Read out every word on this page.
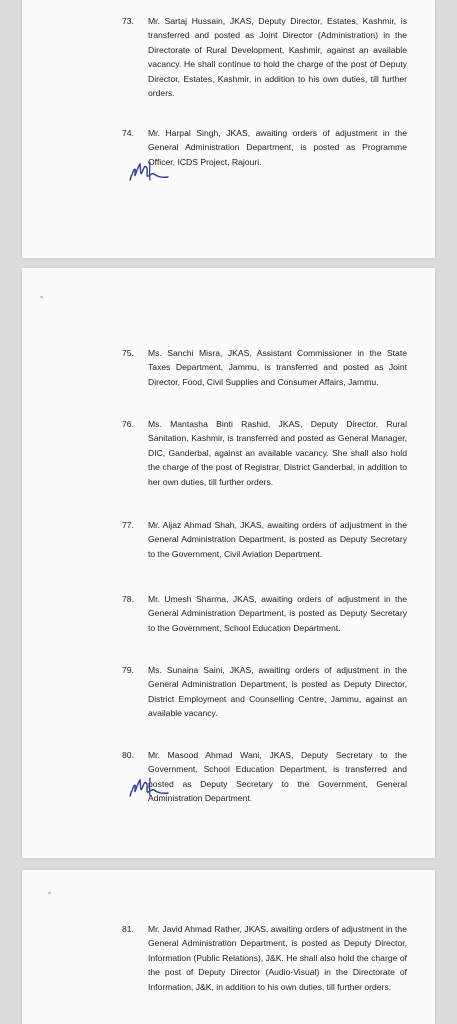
73. Mr. Sartaj Hussain, JKAS, Deputy Director, Estates, Kashmir, is transferred and posted as Joint Director (Administration) in the Directorate of Rural Development, Kashmir, against an available vacancy. He shall continue to hold the charge of the post of Deputy Director, Estates, Kashmir, in addition to his own duties, till further orders.
74. Mr. Harpal Singh, JKAS, awaiting orders of adjustment in the General Administration Department, is posted as Programme Officer, ICDS Project, Rajouri.
75. Ms. Sanchi Misra, JKAS, Assistant Commissioner in the State Taxes Department, Jammu, is transferred and posted as Joint Director, Food, Civil Supplies and Consumer Affairs, Jammu.
76. Ms. Mantasha Binti Rashid, JKAS, Deputy Director, Rural Sanitation, Kashmir, is transferred and posted as General Manager, DIC, Ganderbal, against an available vacancy. She shall also hold the charge of the post of Registrar, District Ganderbal, in addition to her own duties, till further orders.
77. Mr. Aijaz Ahmad Shah, JKAS, awaiting orders of adjustment in the General Administration Department, is posted as Deputy Secretary to the Government, Civil Aviation Department.
78. Mr. Umesh Sharma, JKAS, awaiting orders of adjustment in the General Administration Department, is posted as Deputy Secretary to the Government, School Education Department.
79. Ms. Sunaina Saini, JKAS, awaiting orders of adjustment in the General Administration Department, is posted as Deputy Director, District Employment and Counselling Centre, Jammu, against an available vacancy.
80. Mr. Masood Ahmad Wani, JKAS, Deputy Secretary to the Government, School Education Department, is transferred and posted as Deputy Secretary to the Government, General Administration Department.
81. Mr. Javid Ahmad Rather, JKAS, awaiting orders of adjustment in the General Administration Department, is posted as Deputy Director, Information (Public Relations), J&K. He shall also hold the charge of the post of Deputy Director (Audio-Visual) in the Directorate of Information, J&K, in addition to his own duties, till further orders.
